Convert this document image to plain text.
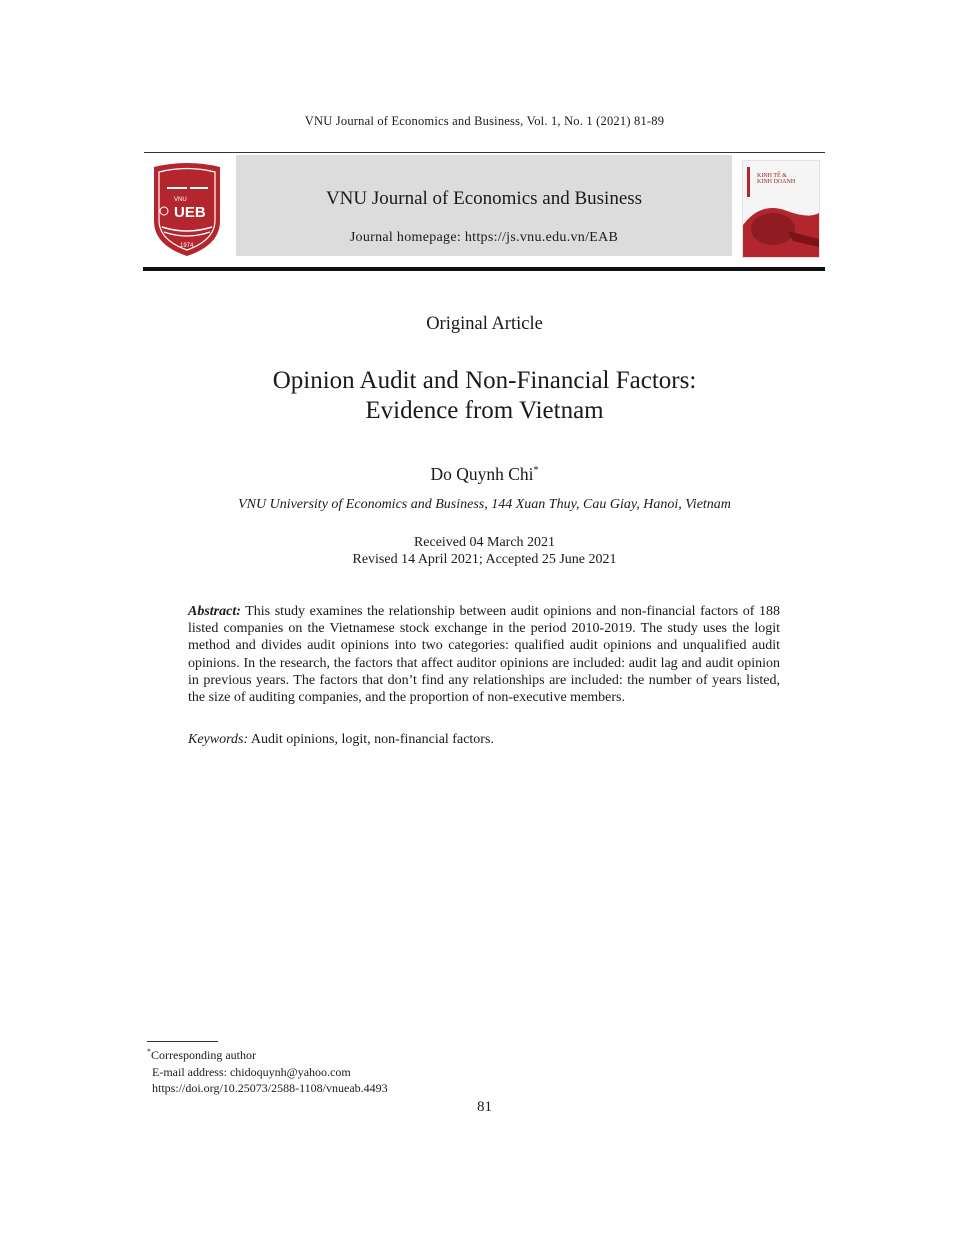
VNU Journal of Economics and Business, Vol. 1, No. 1 (2021) 81-89
VNU
UEB
1974
VNU Journal of Economics and Business
Journal homepage: https://js.vnu.edu.vn/EAB
KINH TẾ &
KINH DOANH
Original Article
Opinion Audit and Non-Financial Factors:
Evidence from Vietnam
Do Quynh Chi*
VNU University of Economics and Business, 144 Xuan Thuy, Cau Giay, Hanoi, Vietnam
Received 04 March 2021
Revised 14 April 2021; Accepted 25 June 2021
Abstract: This study examines the relationship between audit opinions and non-financial factors of 188 listed companies on the Vietnamese stock exchange in the period 2010-2019. The study uses the logit method and divides audit opinions into two categories: qualified audit opinions and unqualified audit opinions. In the research, the factors that affect auditor opinions are included: audit lag and audit opinion in previous years. The factors that don’t find any relationships are included: the number of years listed, the size of auditing companies, and the proportion of non-executive members.
Keywords: Audit opinions, logit, non-financial factors.
*Corresponding author
E-mail address: chidoquynh@yahoo.com
https://doi.org/10.25073/2588-1108/vnueab.4493
81
